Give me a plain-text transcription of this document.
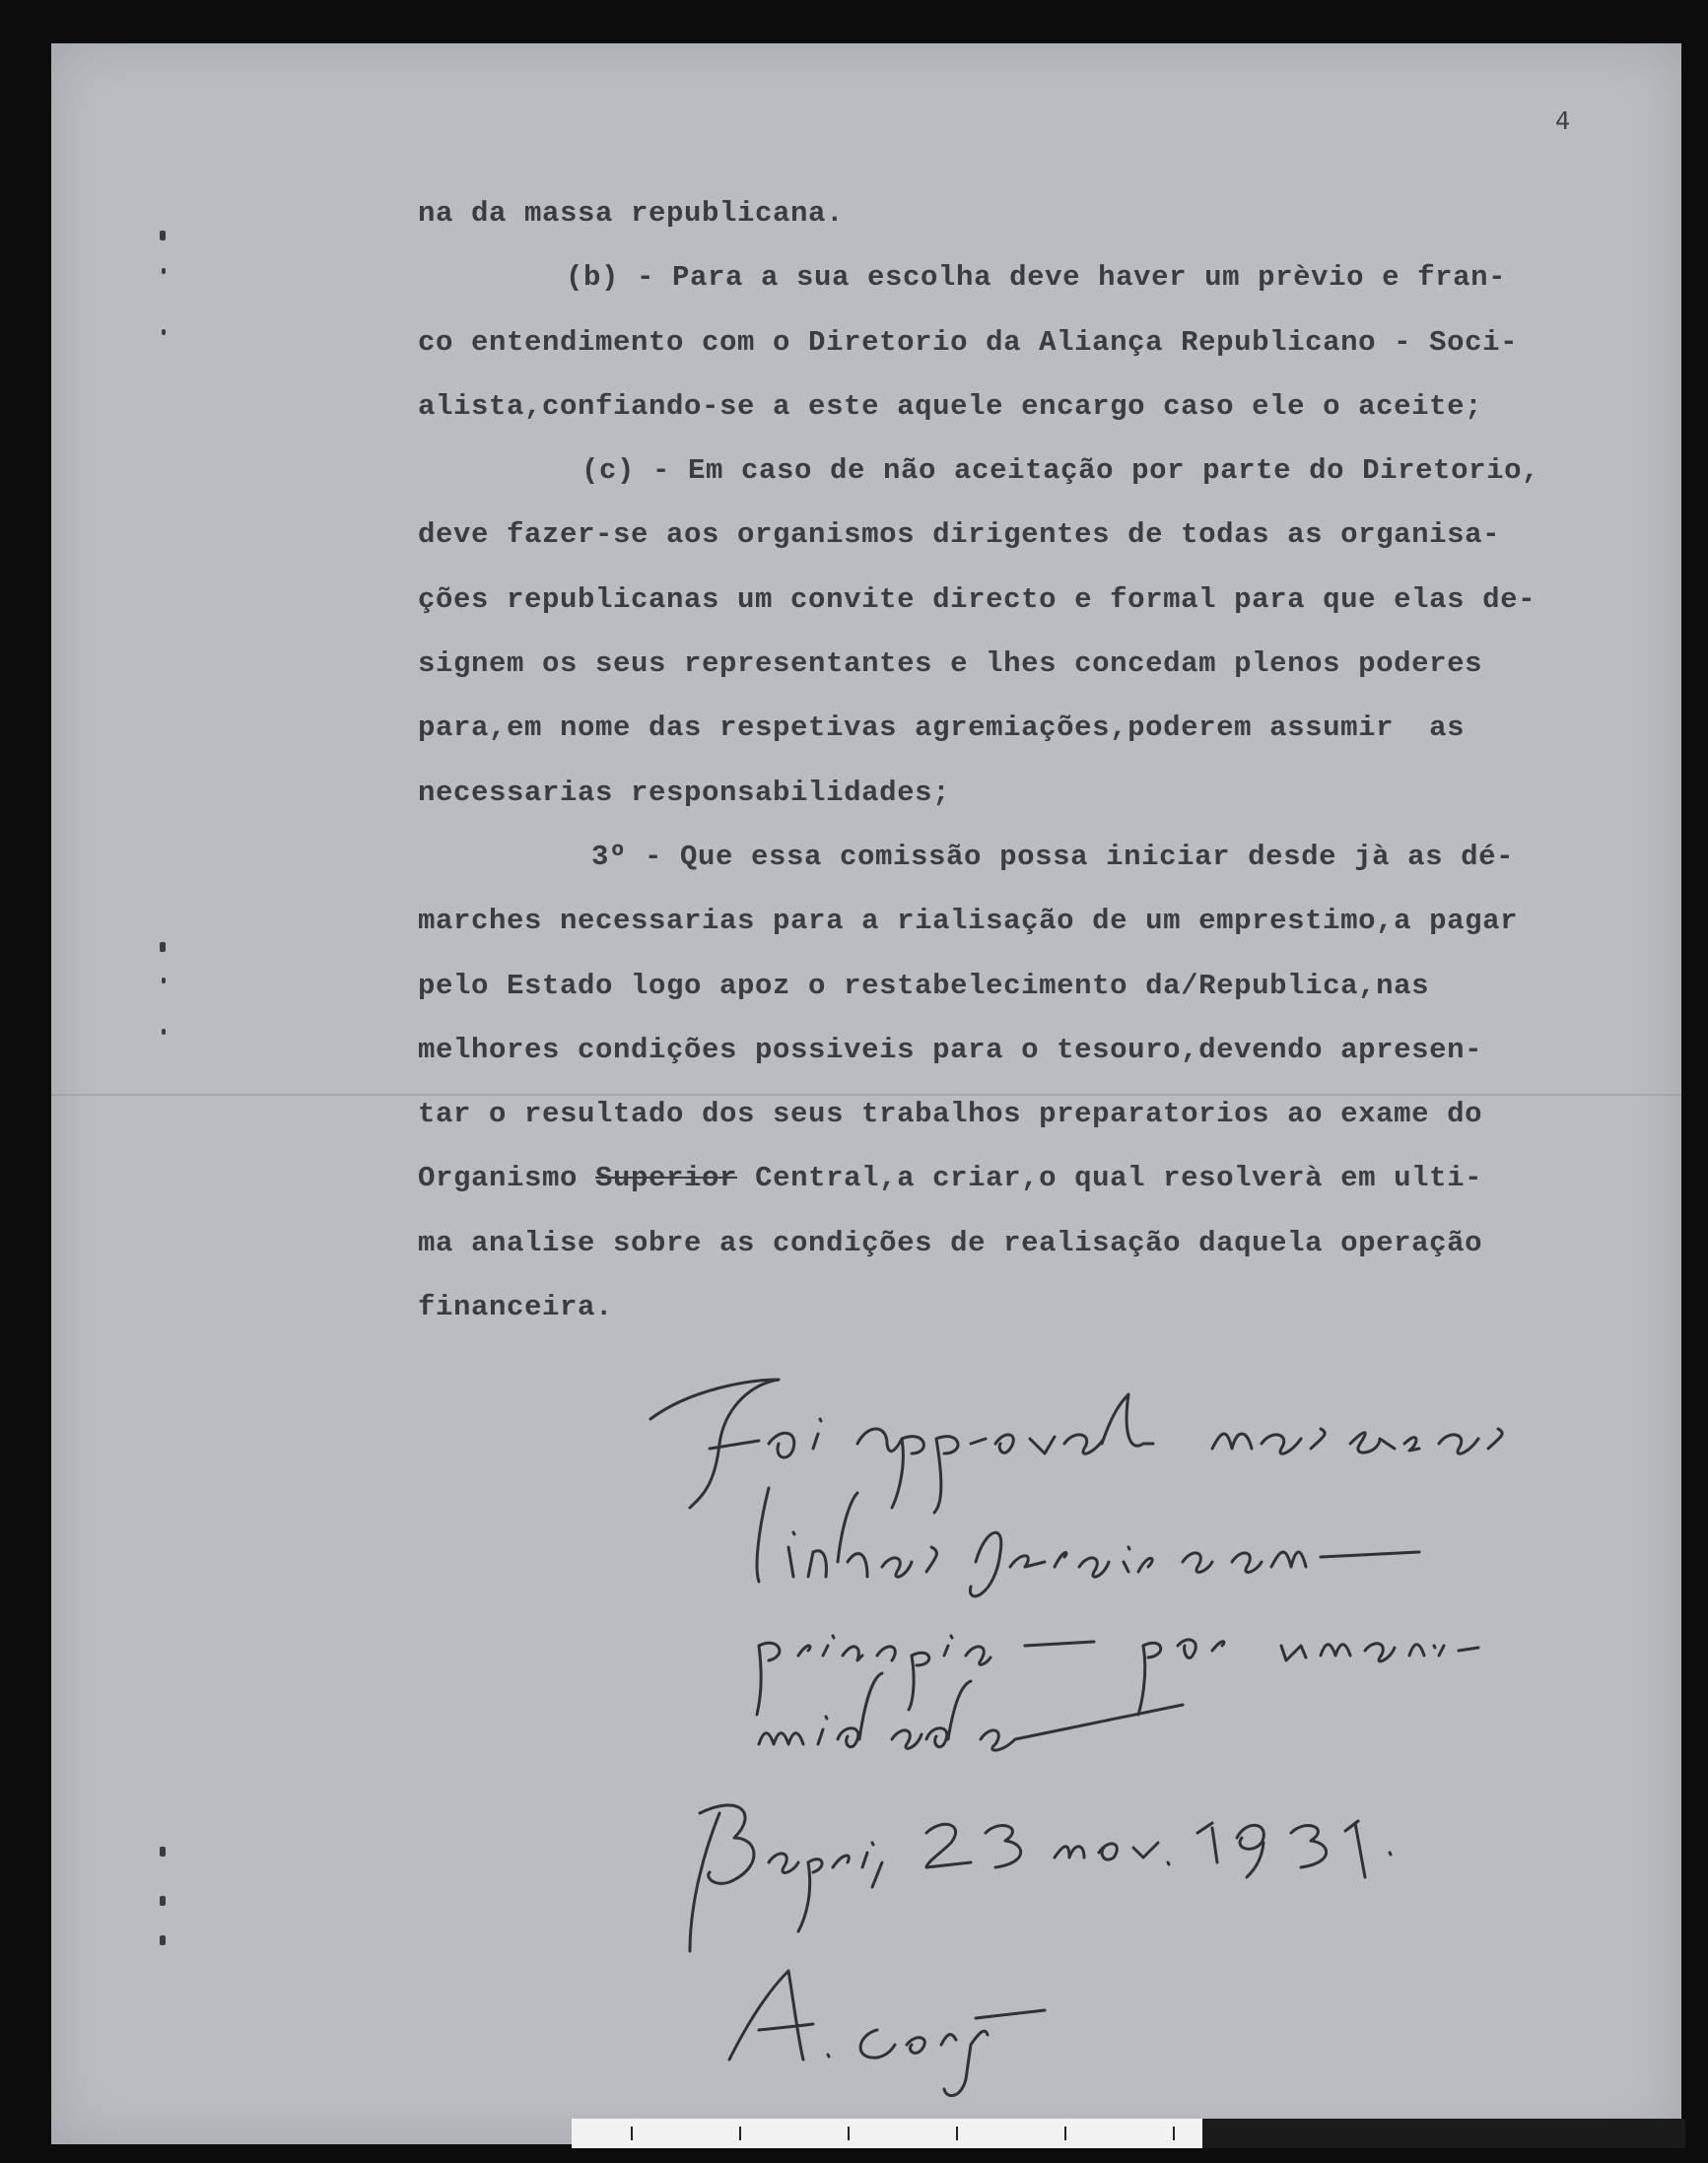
4

na da massa republicana.

(b) - Para a sua escolha deve haver um prèvio e fran-

co entendimento com o Diretorio da Aliança Republicano - Soci-

alista,confiando-se a este aquele encargo caso ele o aceite;

(c) - Em caso de não aceitação por parte do Diretorio,

deve fazer-se aos organismos dirigentes de todas as organisa-

ções republicanas um convite directo e formal para que elas de-

signem os seus representantes e lhes concedam plenos poderes

para,em nome das respetivas agremiações,poderem assumir  as

necessarias responsabilidades;

3º - Que essa comissão possa iniciar desde jà as dé-

marches necessarias para a rialisação de um emprestimo,a pagar

pelo Estado logo apoz o restabelecimento da/Republica,nas

melhores condições possiveis para o tesouro,devendo apresen-

tar o resultado dos seus trabalhos preparatorios ao exame do

Organismo Superior Central,a criar,o qual resolverà em ulti-

ma analise sobre as condições de realisação daquela operação

financeira.
